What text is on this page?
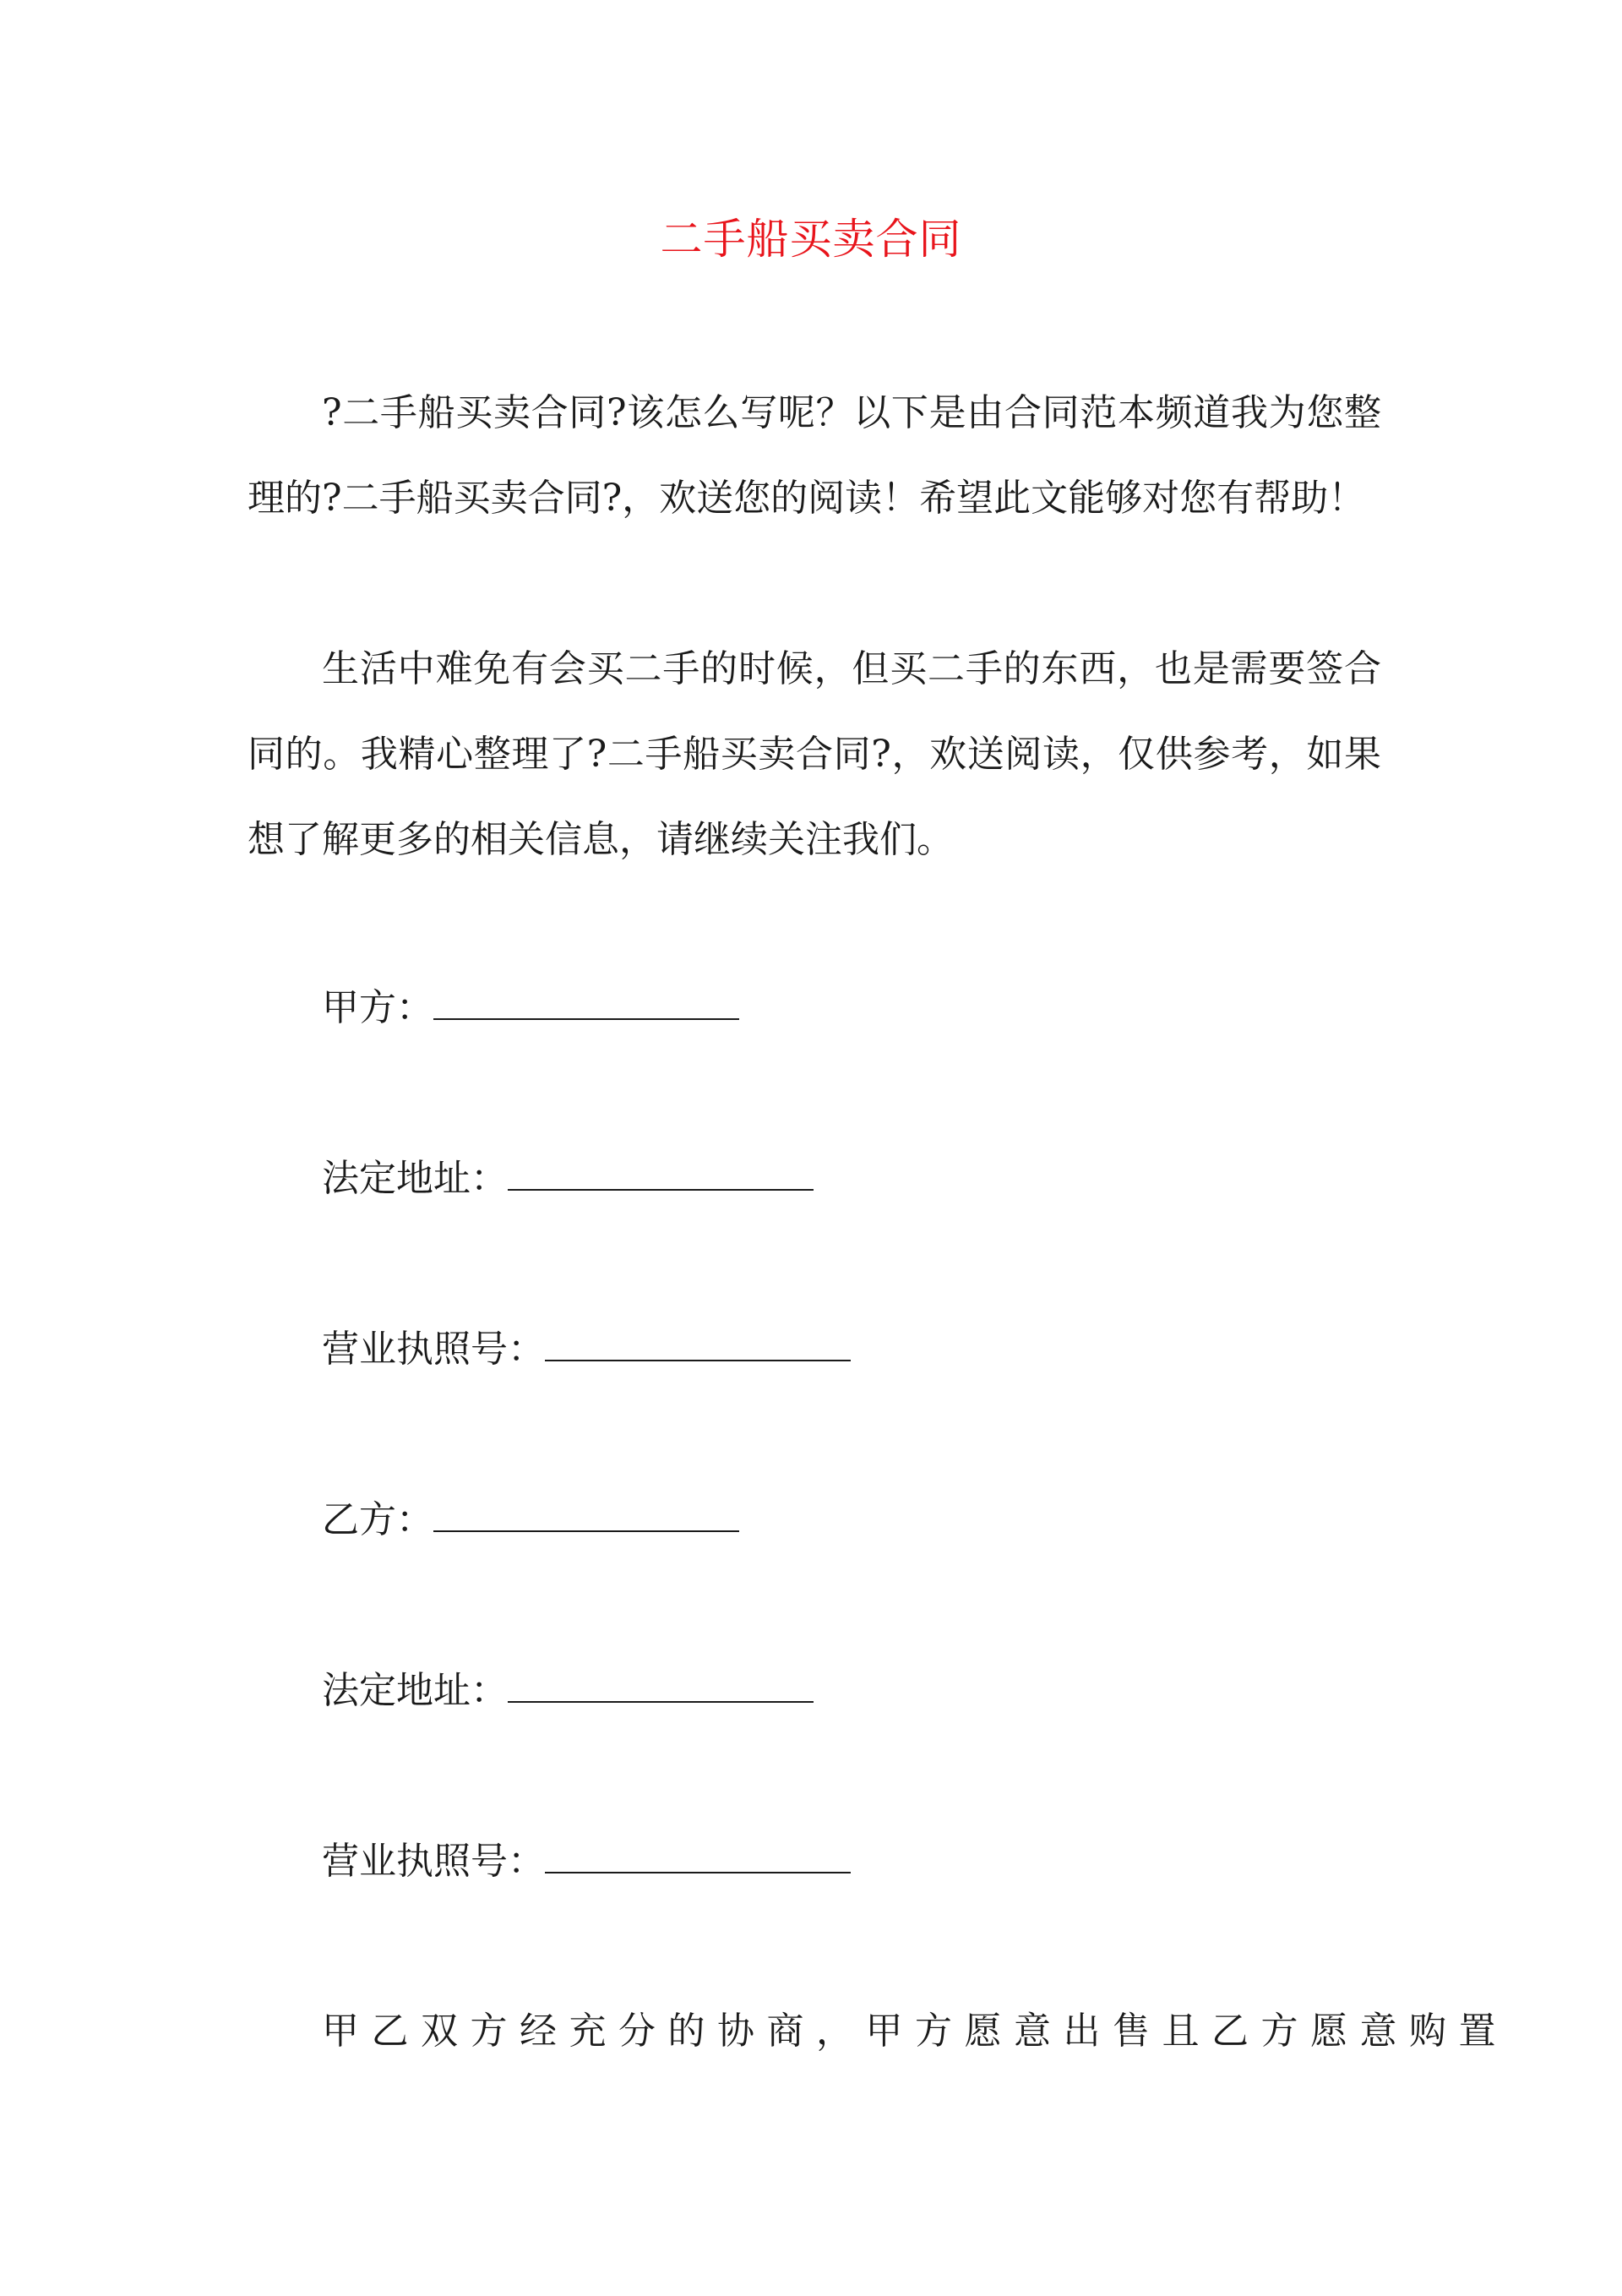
二手船买卖合同

?二手船买卖合同?该怎么写呢？以下是由合同范本频道我为您整理的?二手船买卖合同?，欢送您的阅读！希望此文能够对您有帮助！

生活中难免有会买二手的时候，但买二手的东西，也是需要签合同的。我精心整理了?二手船买卖合同?，欢送阅读，仅供参考，如果想了解更多的相关信息，请继续关注我们。

甲方：
法定地址：
营业执照号：
乙方：
法定地址：
营业执照号：
甲乙双方经充分的协商，甲方愿意出售且乙方愿意购置
